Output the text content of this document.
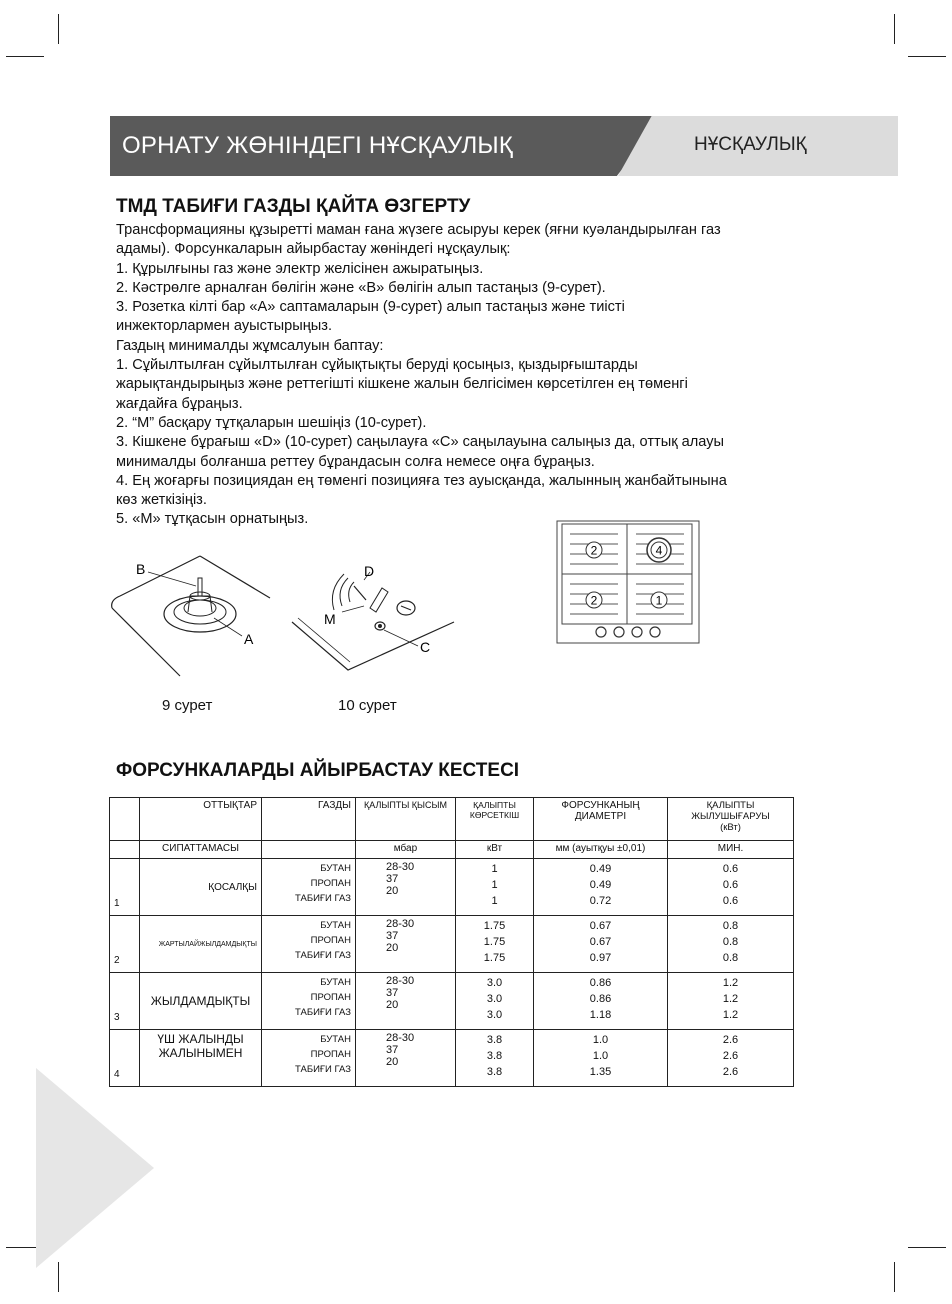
ОРНАТУ ЖӨНІНДЕГІ НҰСҚАУЛЫҚ	НҰСҚАУЛЫҚ
ТМД ТАБИҒИ ГАЗДЫ ҚАЙТА ӨЗГЕРТУ
Трансформацияны құзыретті маман ғана жүзеге асыруы керек (яғни куәландырылған газ
адамы). Форсункаларын айырбастау жөніндегі нұсқаулық:
1. Құрылғыны газ және электр желісінен ажыратыңыз.
2. Кәстрөлге арналған бөлігін және «В» бөлігін алып тастаңыз (9-сурет).
3. Розетка кілті бар «А» саптамаларын (9-сурет) алып тастаңыз және тиісті
инжекторлармен ауыстырыңыз.
Газдың минималды жұмсалуын баптау:
1. Сұйылтылған сұйылтылған сұйықтықты беруді қосыңыз, қыздырғыштарды
жарықтандырыңыз және реттегішті кішкене жалын белгісімен көрсетілген ең төменгі
жағдайға бұраңыз.
2. “М” басқару тұтқаларын шешіңіз (10-сурет).
3. Кішкене бұрағыш «D» (10-сурет) саңылауға «С» саңылауына салыңыз да, оттық алауы
минималды болғанша реттеу бұрандасын солға немесе оңға бұраңыз.
4. Ең жоғарғы позициядан ең төменгі позицияға тез ауысқанда, жалынның жанбайтынына
көз жеткізіңіз.
5. «М» тұтқасын орнатыңыз.
B
A
9 сурет
D
M
C
10 сурет
2	4
2	1
ФОРСУНКАЛАРДЫ АЙЫРБАСТАУ КЕСТЕСІ
	ОТТЫҚТАР	ГАЗДЫ	ҚАЛЫПТЫ ҚЫСЫМ	ҚАЛЫПТЫ КӨРСЕТКІШ	ФОРСУНКАНЫҢ ДИАМЕТРІ	ҚАЛЫПТЫ ЖЫЛУШЫҒАРУЫ
(кВт)

	СИПАТТАМАСЫ		мбар	кВт	мм (ауытқуы ±0,01)	МИН.
1	ҚОСАЛҚЫ	БУТАН
ПРОПАН
ТАБИҒИ ГАЗ	28-30
37
20	1
1
1	0.49
0.49
0.72	0.6
0.6
0.6
2	ЖАРТЫЛАЙЖЫЛДАМДЫҚТЫ	БУТАН
ПРОПАН
ТАБИҒИ ГАЗ	28-30
37
20	1.75
1.75
1.75	0.67
0.67
0.97	0.8
0.8
0.8
3	ЖЫЛДАМДЫҚТЫ	БУТАН
ПРОПАН
ТАБИҒИ ГАЗ	28-30
37
20	3.0
3.0
3.0	0.86
0.86
1.18	1.2
1.2
1.2
4	ҮШ ЖАЛЫНДЫ ЖАЛЫНЫМЕН	БУТАН
ПРОПАН
ТАБИҒИ ГАЗ	28-30
37
20	3.8
3.8
3.8	1.0
1.0
1.35	2.6
2.6
2.6
